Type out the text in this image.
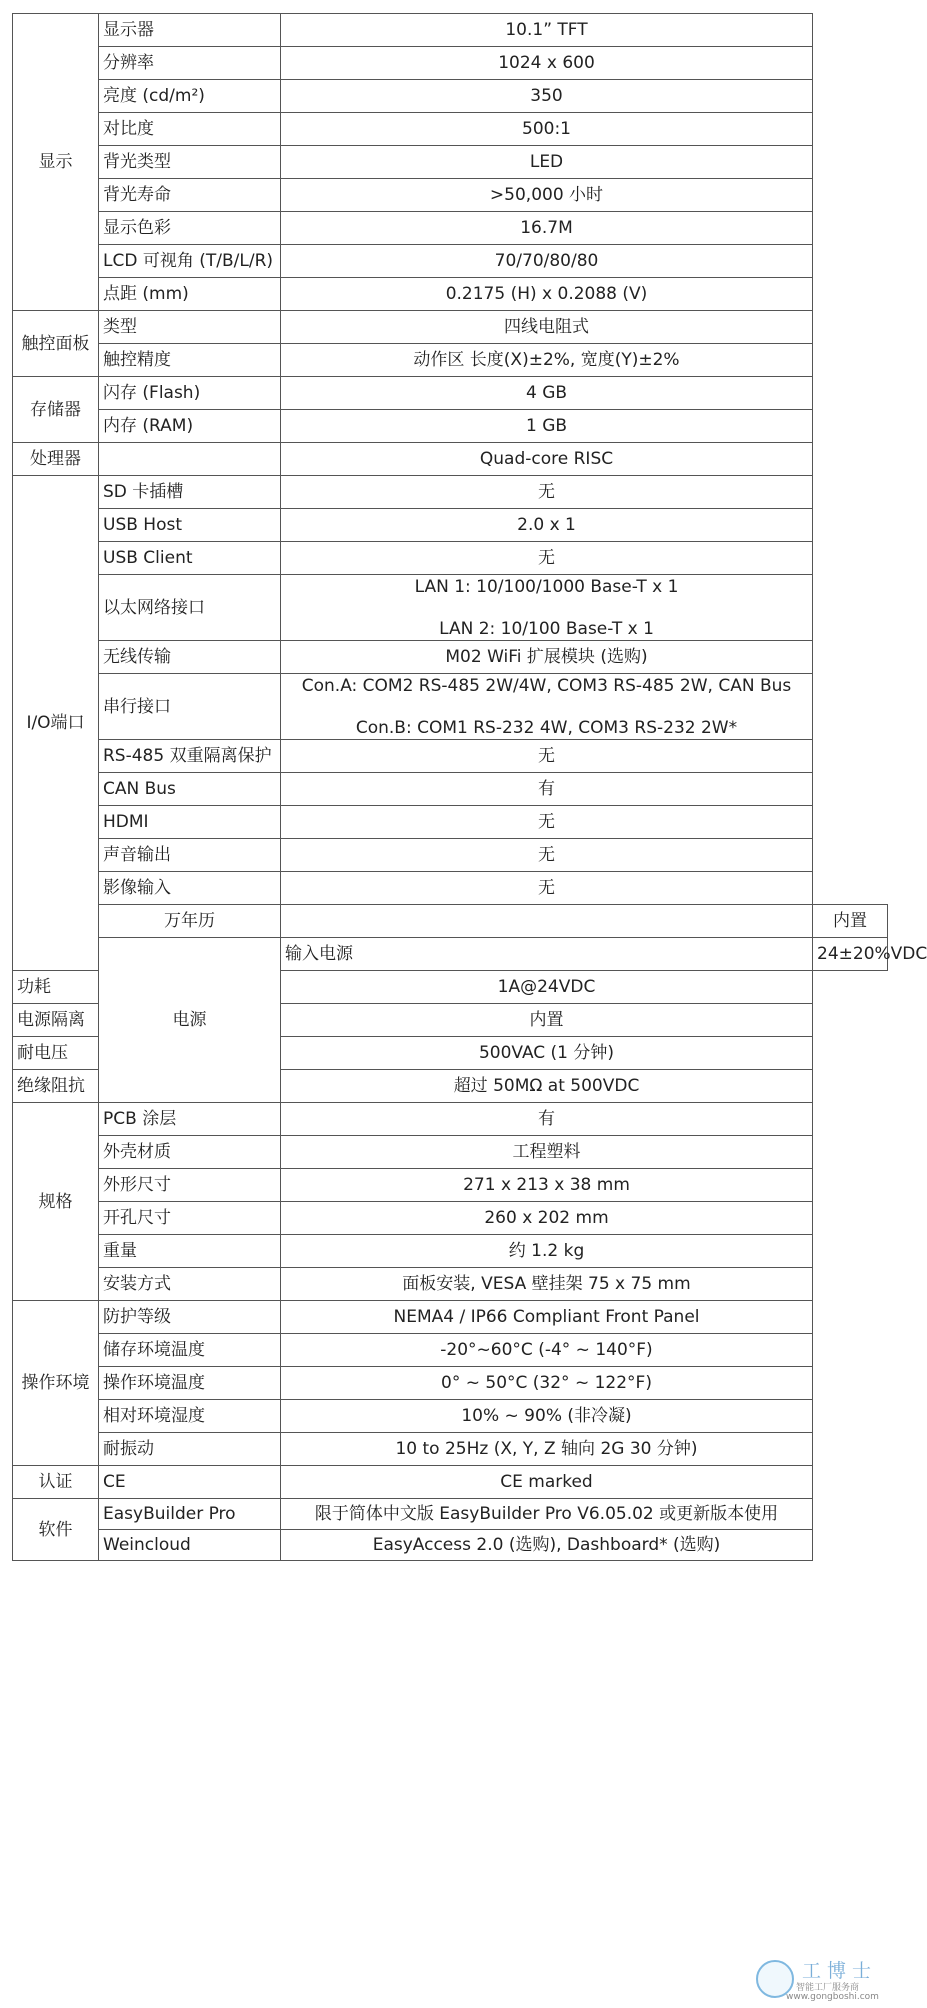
显示	显示器	10.1” TFT	

	分辨率	1024 x 600	

	亮度 (cd/m²)	350	

	对比度	500:1	

	背光类型	LED	

	背光寿命	>50,000 小时	

	显示色彩	16.7M	

	LCD 可视角 (T/B/L/R)	70/70/80/80	

	点距 (mm)	0.2175 (H) x 0.2088 (V)	

触控面板	类型	四线电阻式	

	触控精度	动作区 长度(X)±2%, 宽度(Y)±2%	

存储器	闪存 (Flash)	4 GB	

	内存 (RAM)	1 GB	

处理器		Quad-core RISC	

I/O端口	SD 卡插槽	无	

	USB Host	2.0 x 1	

	USB Client	无	

	以太网络接口	LAN 1: 10/100/1000 Base-T x 1
LAN 2: 10/100 Base-T x 1	

	无线传输	M02 WiFi 扩展模块 (选购)	

	串行接口	Con.A: COM2 RS-485 2W/4W, COM3 RS-485 2W, CAN Bus
Con.B: COM1 RS-232 4W, COM3 RS-232 2W*	

	RS-485 双重隔离保护	无	

	CAN Bus	有	

	HDMI	无	

	声音输出	无	

	影像输入	无	

	万年历		内置

	电源	输入电源	24±20%VDC

功耗		1A@24VDC	

电源隔离		内置	

耐电压		500VAC (1 分钟)	

绝缘阻抗		超过 50MΩ at 500VDC	

规格	PCB 涂层	有	

	外壳材质	工程塑料	

	外形尺寸	271 x 213 x 38 mm	

	开孔尺寸	260 x 202 mm	

	重量	约 1.2 kg	

	安装方式	面板安装, VESA 壁挂架 75 x 75 mm	

操作环境	防护等级	NEMA4 / IP66 Compliant Front Panel	

	储存环境温度	-20°~60°C (-4° ~ 140°F)	

	操作环境温度	0° ~ 50°C (32° ~ 122°F)	

	相对环境湿度	10% ~ 90% (非冷凝)	

	耐振动	10 to 25Hz (X, Y, Z 轴向 2G 30 分钟)	

认证	CE	CE marked	

软件	EasyBuilder Pro	限于简体中文版 EasyBuilder Pro V6.05.02 或更新版本使用	

	Weincloud	EasyAccess 2.0 (选购), Dashboard* (选购)	
工博士
智能工厂服务商
www.gongboshi.com
